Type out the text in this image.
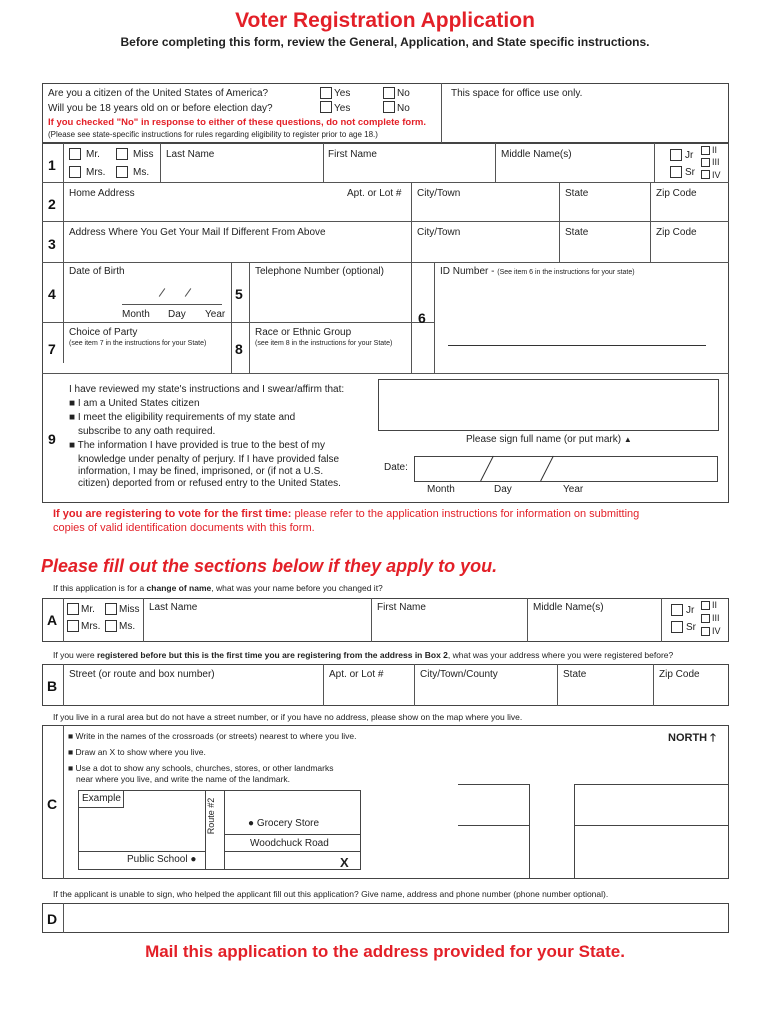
Voter Registration Application
Before completing this form, review the General, Application, and State specific instructions.
Are you a citizen of the United States of America?
Will you be 18 years old on or before election day?
Yes	No
Yes	No
If you checked "No" in response to either of these questions, do not complete form.
(Please see state-specific instructions for rules regarding eligibility to register prior to age 18.)
This space for office use only.
1
Mr.	Miss
Mrs.	Ms.
Last Name	First Name	Middle Name(s)	Jr
Sr
II
III
IV
2
Home Address	Apt. or Lot # City/Town	State	Zip Code
3
Address Where You Get Your Mail If Different From Above	City/Town	State	Zip Code
4
Date of Birth
Month Day Year
5
Telephone Number (optional)
6
ID Number - (See item 6 in the instructions for your state)
7
Choice of Party
(see item 7 in the instructions for your State) 8
Race or Ethnic Group
(see item 8 in the instructions for your State)
9
I have reviewed my state's instructions and I swear/affirm that:
■ I am a United States citizen
■ I meet the eligibility requirements of my state and
subscribe to any oath required.
■ The information I have provided is true to the best of my
knowledge under penalty of perjury. If I have provided false
information, I may be fined, imprisoned, or (if not a U.S.
citizen) deported from or refused entry to the United States.
Please sign full name (or put mark) ▲
Date:
Month	Day	Year
If you are registering to vote for the first time: please refer to the application instructions for information on submitting
copies of valid identification documents with this form.
Please fill out the sections below if they apply to you.
If this application is for a change of name, what was your name before you changed it?
A
Mr. Miss
Mrs. Ms.
Last Name	First Name	Middle Name(s)	Jr
Sr
II
III
IV
If you were registered before but this is the first time you are registering from the address in Box 2, what was your address where you were registered before?
B
Street (or route and box number)	Apt. or Lot #	City/Town/County	State	Zip Code
If you live in a rural area but do not have a street number, or if you have no address, please show on the map where you live.
C
■ Write in the names of the crossroads (or streets) nearest to where you live.
■ Draw an X to show where you live.
■ Use a dot to show any schools, churches, stores, or other landmarks
near where you live, and write the name of the landmark.
NORTH 🡑
Example	Route #2	● Grocery Store
Woodchuck Road
Public School ●	X
If the applicant is unable to sign, who helped the applicant fill out this application? Give name, address and phone number (phone number optional).
D
Mail this application to the address provided for your State.
